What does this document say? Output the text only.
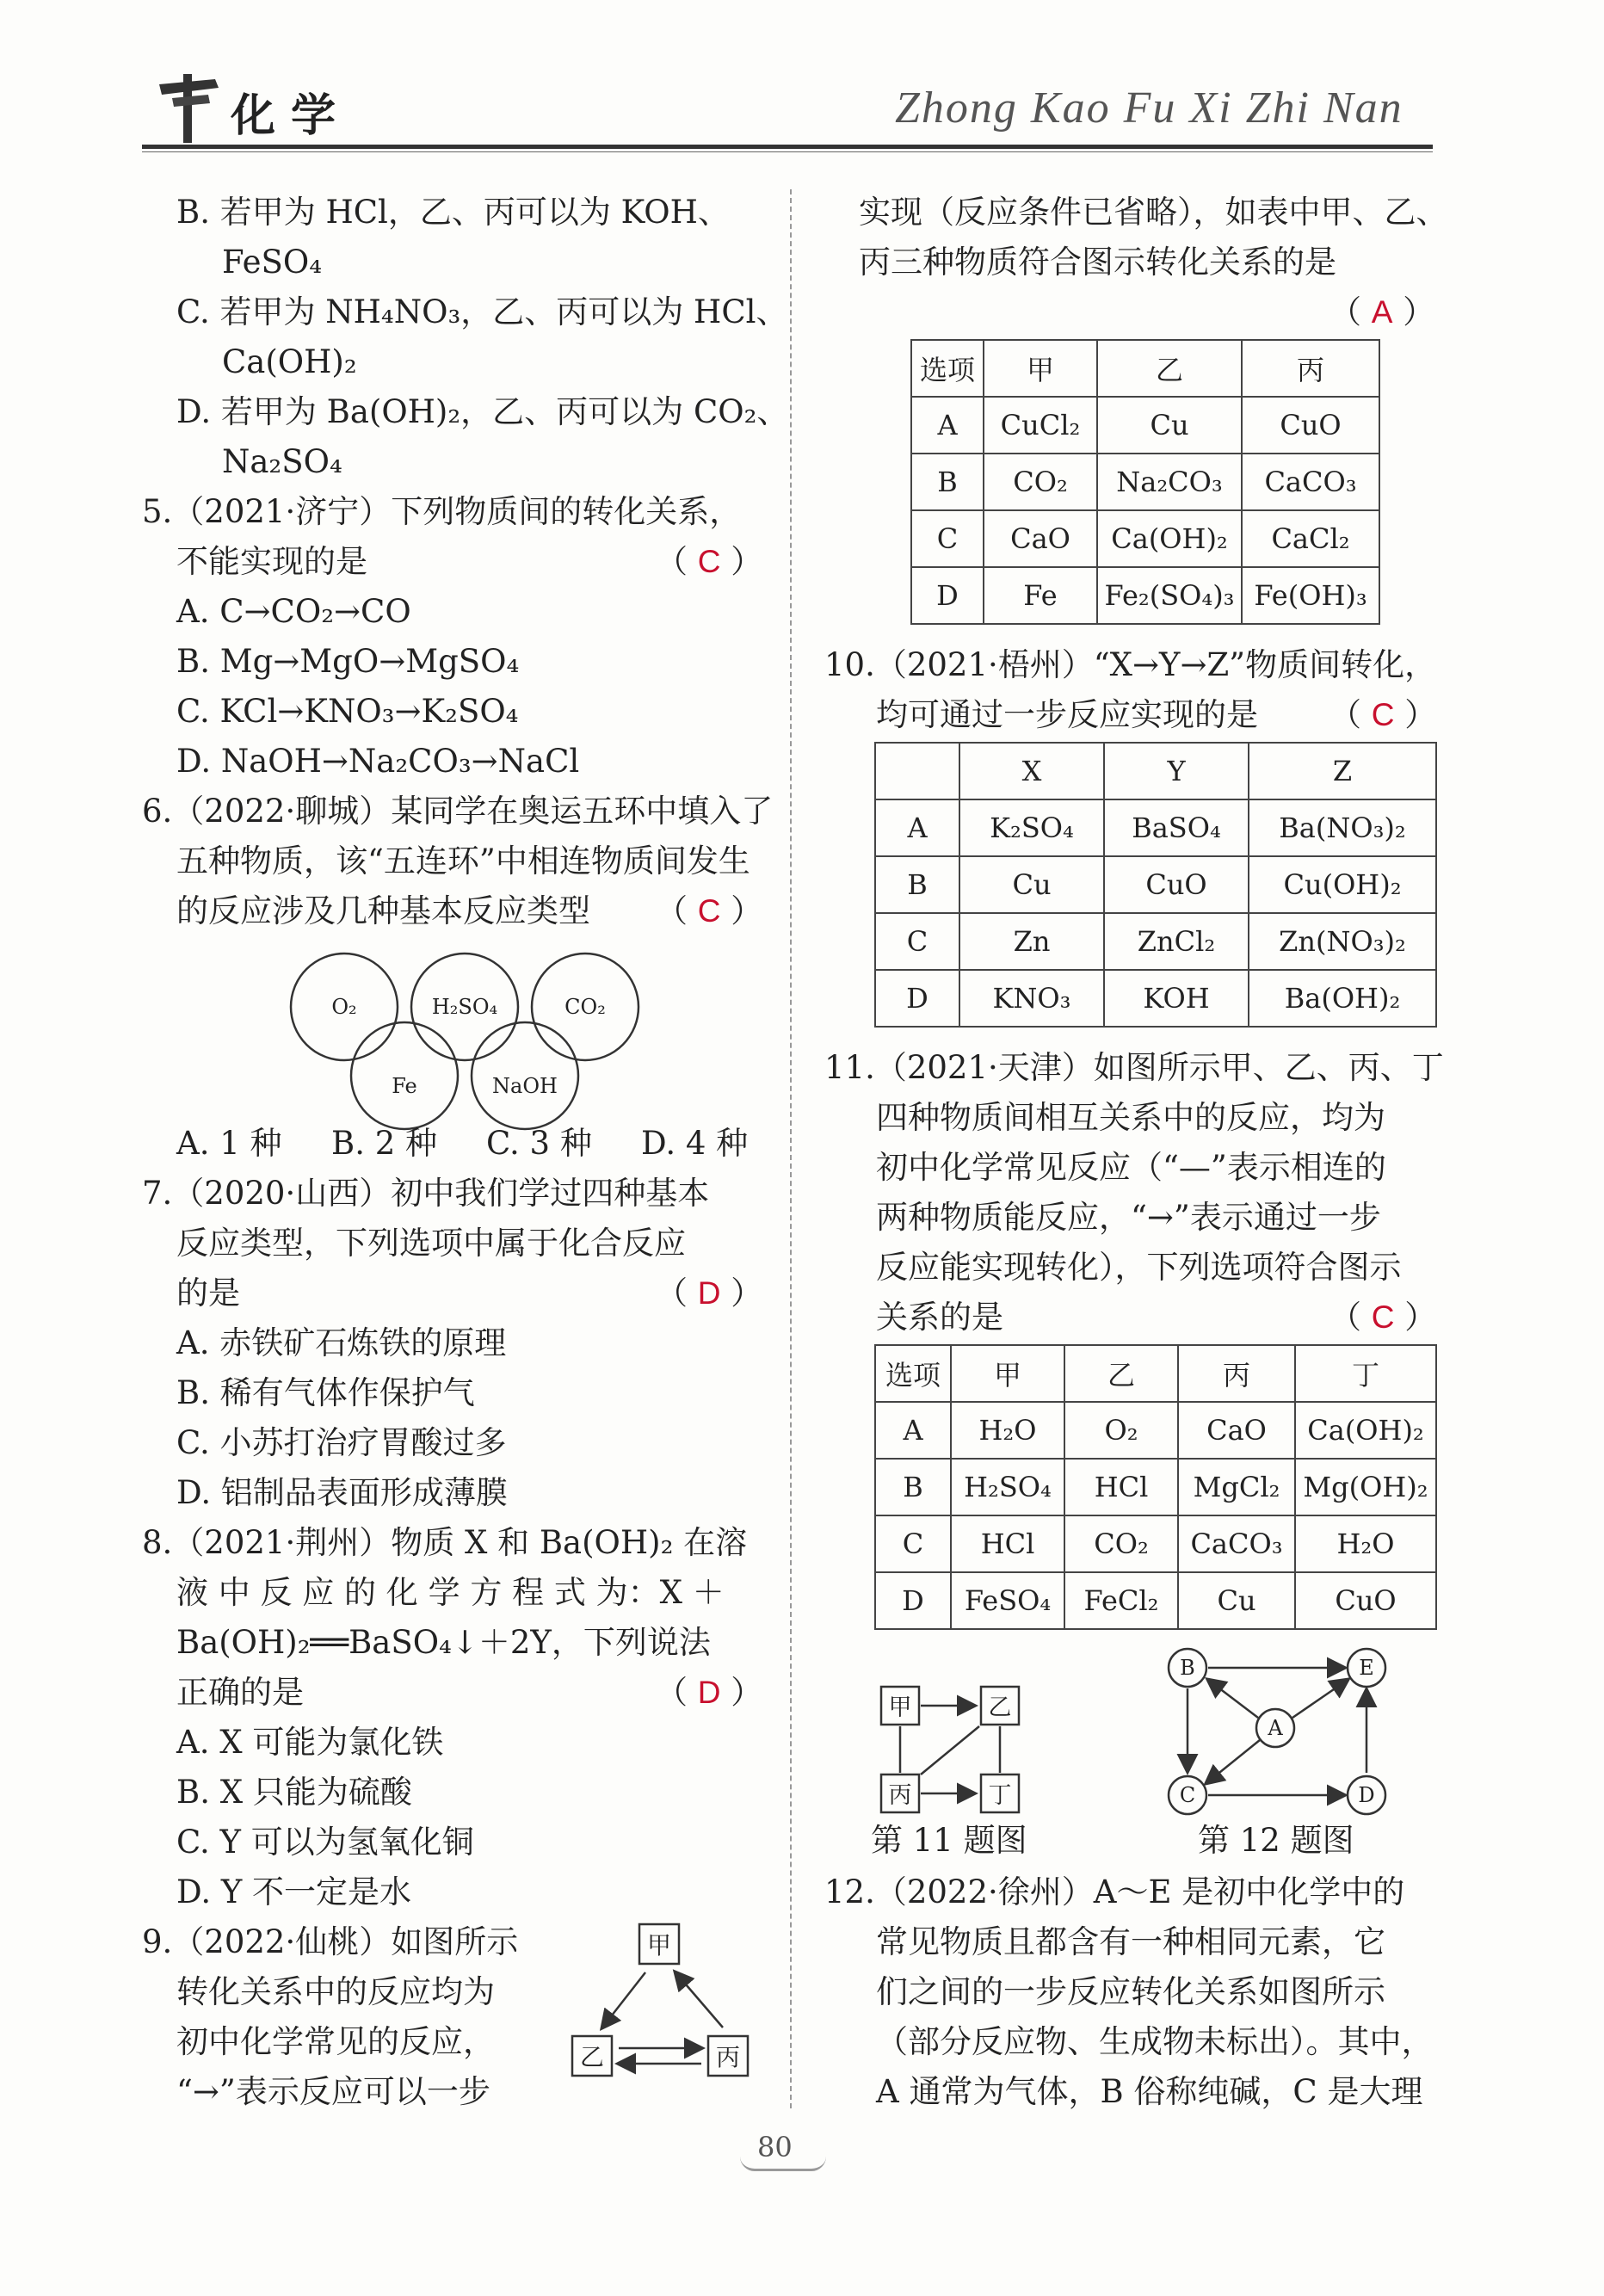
化学	Zhong Kao Fu Xi Zhi Nan
B. 若甲为 HCl，乙、丙可以为 KOH、
FeSO₄
C. 若甲为 NH₄NO₃，乙、丙可以为 HCl、
Ca(OH)₂
D. 若甲为 Ba(OH)₂，乙、丙可以为 CO₂、
Na₂SO₄
5.（2021·济宁）下列物质间的转化关系，
不能实现的是	（ C ）
A. C→CO₂→CO
B. Mg→MgO→MgSO₄
C. KCl→KNO₃→K₂SO₄
D. NaOH→Na₂CO₃→NaCl
6.（2022·聊城）某同学在奥运五环中填入了
五种物质，该“五连环”中相连物质间发生
的反应涉及几种基本反应类型 （ C ）
O₂	H₂SO₄	CO₂
Fe	NaOH
A. 1 种 B. 2 种 C. 3 种 D. 4 种
7.（2020·山西）初中我们学过四种基本
反应类型，下列选项中属于化合反应
的是	（ D ）
A. 赤铁矿石炼铁的原理
B. 稀有气体作保护气
C. 小苏打治疗胃酸过多
D. 铝制品表面形成薄膜
8.（2021·荆州）物质 X 和 Ba(OH)₂ 在溶
液 中 反 应 的 化 学 方 程 式 为：X ＋
Ba(OH)₂══BaSO₄↓＋2Y，下列说法
正确的是	（ D ）
A. X 可能为氯化铁
B. X 只能为硫酸
C. Y 可以为氢氧化铜
D. Y 不一定是水
9.（2022·仙桃）如图所示
转化关系中的反应均为
初中化学常见的反应，
“→”表示反应可以一步
甲
乙	丙
实现（反应条件已省略），如表中甲、乙、
丙三种物质符合图示转化关系的是
（ A ）
选项	甲	乙	丙
A	CuCl₂	Cu	CuO
B	CO₂	Na₂CO₃	CaCO₃
C	CaO	Ca(OH)₂	CaCl₂
D	Fe	Fe₂(SO₄)₃	Fe(OH)₃
10.（2021·梧州）“X→Y→Z”物质间转化，
均可通过一步反应实现的是 （ C ）
	X	Y	Z
A	K₂SO₄	BaSO₄	Ba(NO₃)₂
B	Cu	CuO	Cu(OH)₂
C	Zn	ZnCl₂	Zn(NO₃)₂
D	KNO₃	KOH	Ba(OH)₂
11.（2021·天津）如图所示甲、乙、丙、丁
四种物质间相互关系中的反应，均为
初中化学常见反应（“—”表示相连的
两种物质能反应，“→”表示通过一步
反应能实现转化），下列选项符合图示
关系的是	（ C ）
选项	甲	乙	丙	丁
A	H₂O	O₂	CaO	Ca(OH)₂
B	H₂SO₄	HCl	MgCl₂	Mg(OH)₂
C	HCl	CO₂	CaCO₃	H₂O
D	FeSO₄	FeCl₂	Cu	CuO
甲	乙
丙	丁
第 11 题图
B	E
A
C	D
第 12 题图
12.（2022·徐州）A～E 是初中化学中的
常见物质且都含有一种相同元素，它
们之间的一步反应转化关系如图所示
（部分反应物、生成物未标出）。其中，
A 通常为气体，B 俗称纯碱，C 是大理
80
